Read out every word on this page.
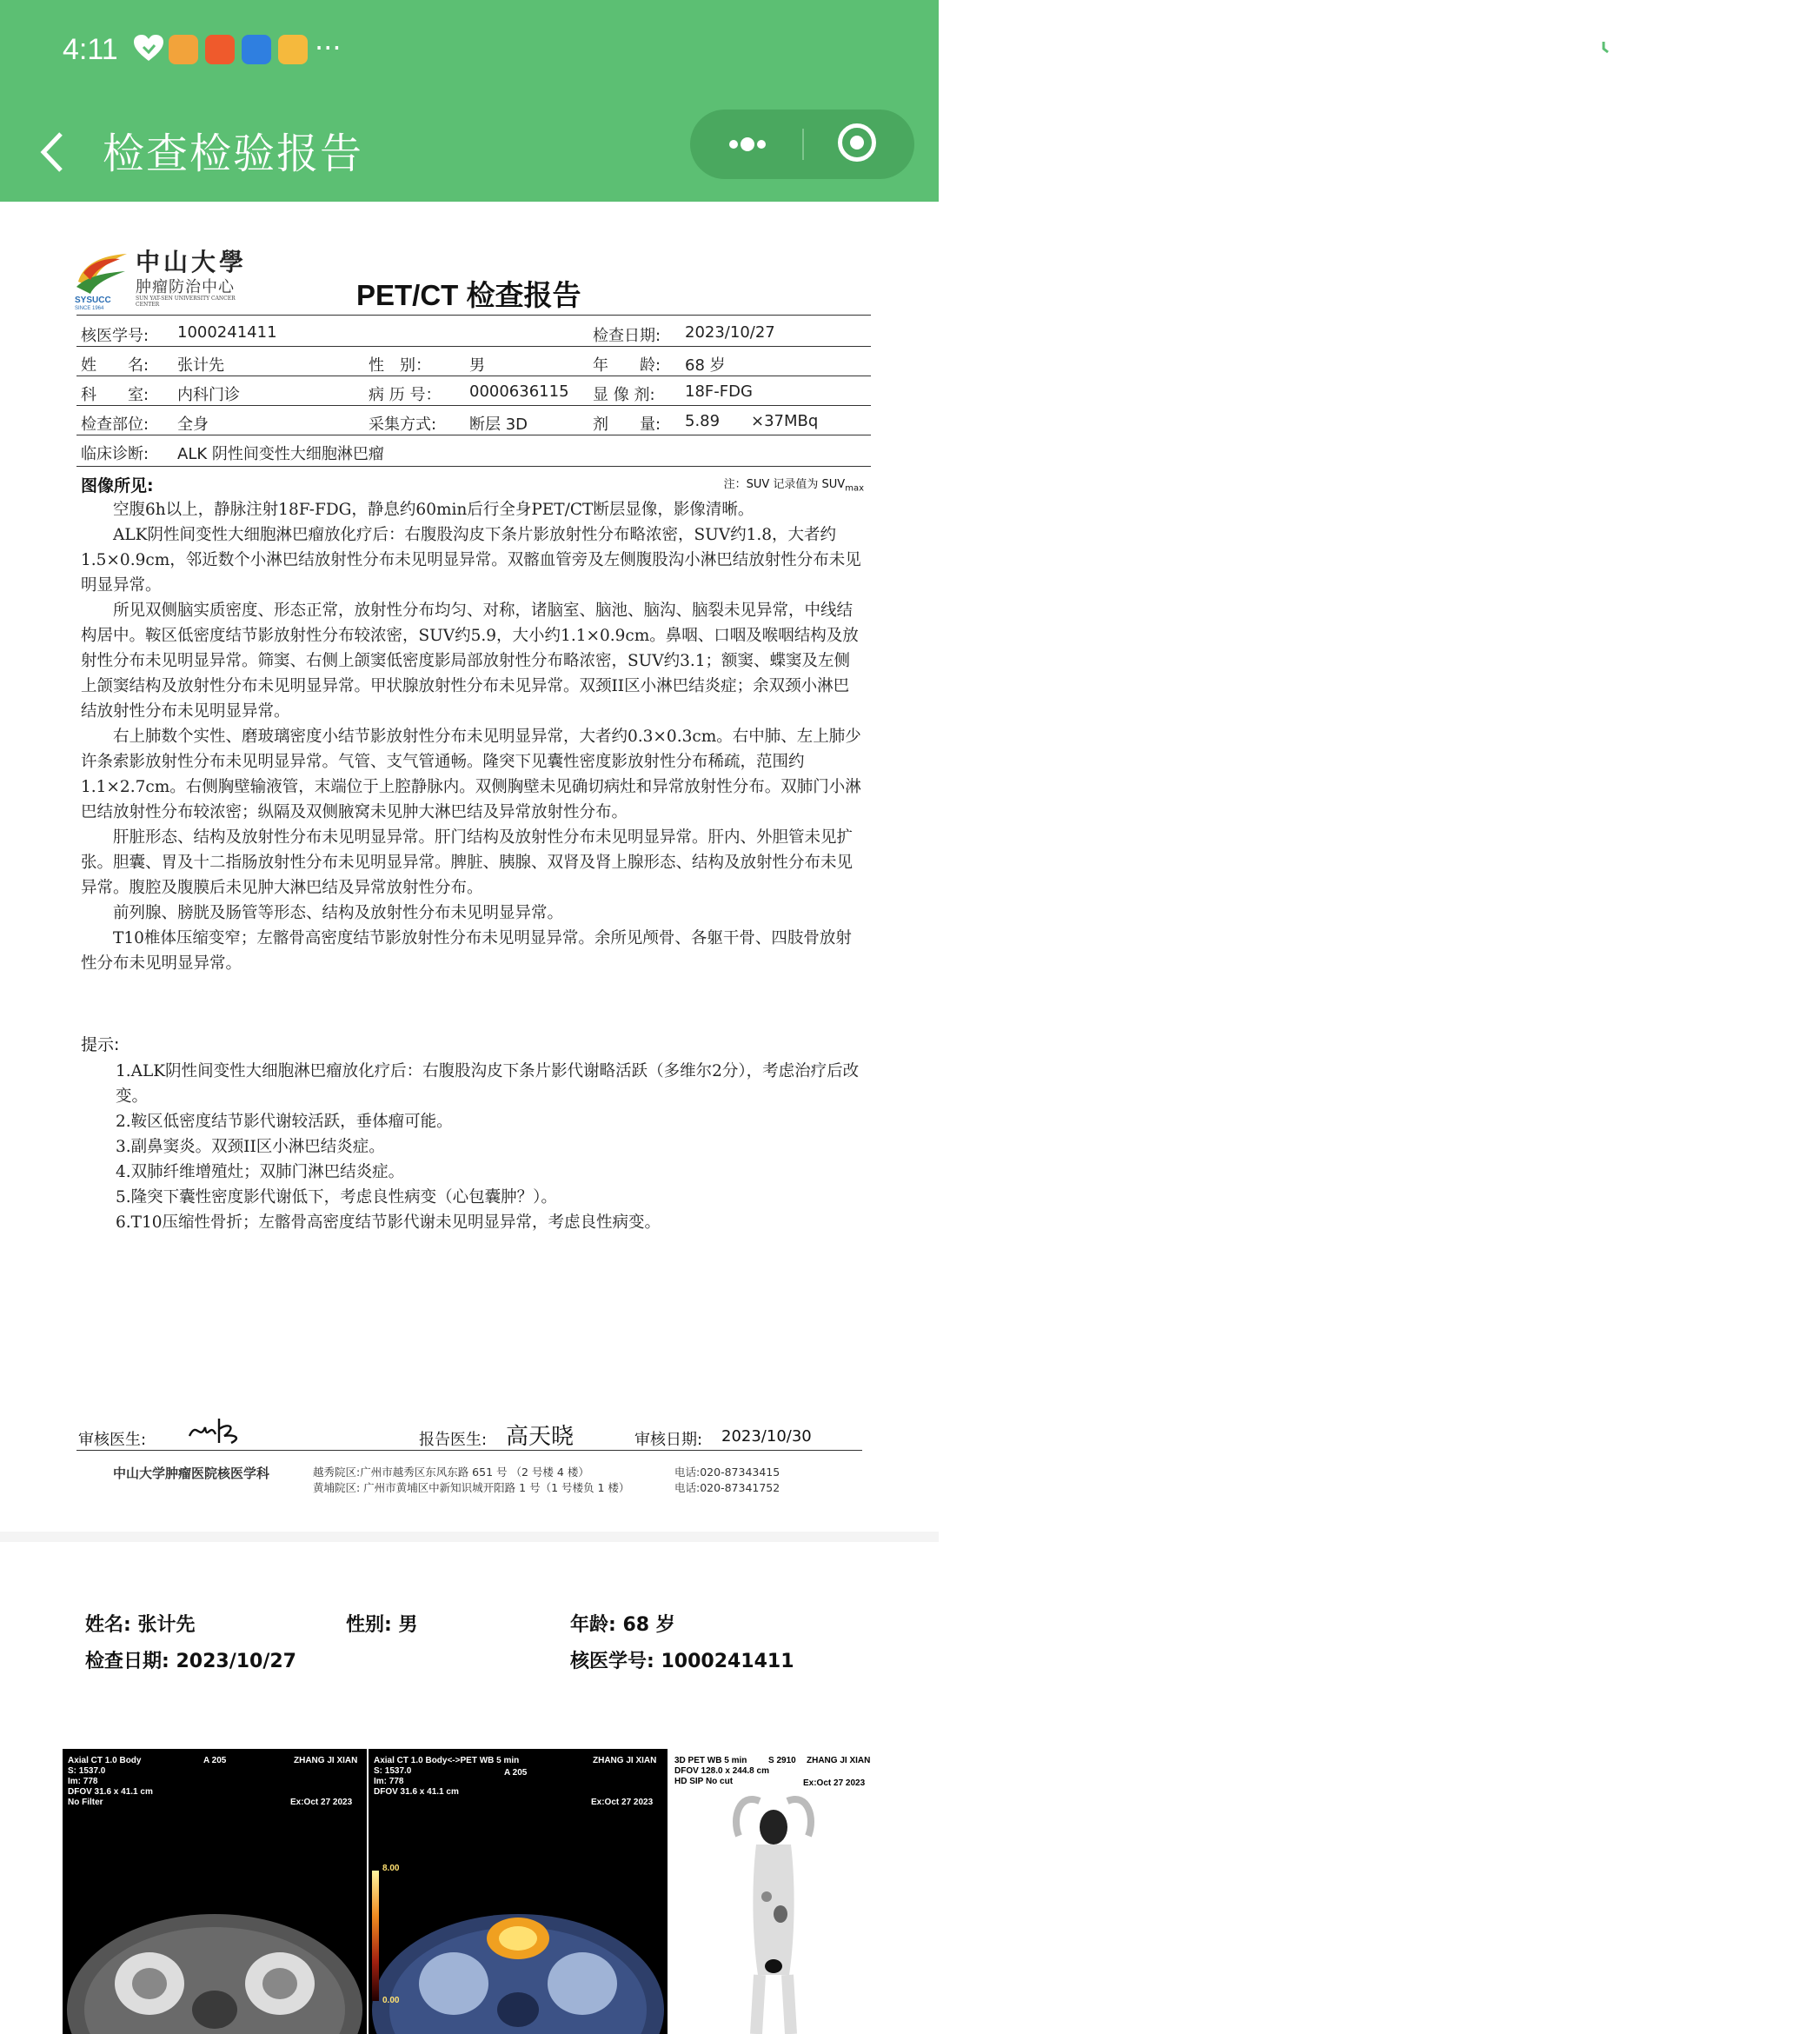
4:11	···	4G	5G
检查检验报告
中山大學
肿瘤防治中心
SUN YAT-SEN UNIVERSITY CANCER CENTER
SYSUCC
SINCE 1964	PET/CT 检查报告
核医学号: 1000241411	检查日期: 2023/10/27
姓　　名: 张计先	性　别： 男	年　　龄: 68 岁
科　　室: 内科门诊	病 历 号： 0000636115 显 像 剂: 18F-FDG
检查部位: 全身	采集方式: 断层 3D	剂　　量: 5.89 ×37MBq
临床诊断: ALK 阴性间变性大细胞淋巴瘤
图像所见:	注：SUV 记录值为 $SUV_{max}$

空腹6h以上，静脉注射18F-FDG，静息约60min后行全身PET/CT断层显像，影像清晰。

ALK阴性间变性大细胞淋巴瘤放化疗后：右腹股沟皮下条片影放射性分布略浓密，SUV约1.8，大者约1.5×0.9cm，邻近数个小淋巴结放射性分布未见明显异常。双髂血管旁及左侧腹股沟小淋巴结放射性分布未见明显异常。

所见双侧脑实质密度、形态正常，放射性分布均匀、对称，诸脑室、脑池、脑沟、脑裂未见异常，中线结构居中。鞍区低密度结节影放射性分布较浓密，SUV约5.9，大小约1.1×0.9cm。鼻咽、口咽及喉咽结构及放射性分布未见明显异常。筛窦、右侧上颌窦低密度影局部放射性分布略浓密，SUV约3.1；额窦、蝶窦及左侧上颌窦结构及放射性分布未见明显异常。甲状腺放射性分布未见异常。双颈II区小淋巴结炎症；余双颈小淋巴结放射性分布未见明显异常。

右上肺数个实性、磨玻璃密度小结节影放射性分布未见明显异常，大者约0.3×0.3cm。右中肺、左上肺少许条索影放射性分布未见明显异常。气管、支气管通畅。隆突下见囊性密度影放射性分布稀疏，范围约1.1×2.7cm。右侧胸壁输液管，末端位于上腔静脉内。双侧胸壁未见确切病灶和异常放射性分布。双肺门小淋巴结放射性分布较浓密；纵隔及双侧腋窝未见肿大淋巴结及异常放射性分布。

肝脏形态、结构及放射性分布未见明显异常。肝门结构及放射性分布未见明显异常。肝内、外胆管未见扩张。胆囊、胃及十二指肠放射性分布未见明显异常。脾脏、胰腺、双肾及肾上腺形态、结构及放射性分布未见异常。腹腔及腹膜后未见肿大淋巴结及异常放射性分布。

前列腺、膀胱及肠管等形态、结构及放射性分布未见明显异常。

T10椎体压缩变窄；左髂骨高密度结节影放射性分布未见明显异常。余所见颅骨、各躯干骨、四肢骨放射性分布未见明显异常。

提示:
1.ALK阴性间变性大细胞淋巴瘤放化疗后：右腹股沟皮下条片影代谢略活跃（多维尔2分），考虑治疗后改变。
2.鞍区低密度结节影代谢较活跃，垂体瘤可能。
3.副鼻窦炎。双颈II区小淋巴结炎症。
4.双肺纤维增殖灶；双肺门淋巴结炎症。
5.隆突下囊性密度影代谢低下，考虑良性病变（心包囊肿？）。
6.T10压缩性骨折；左髂骨高密度结节影代谢未见明显异常，考虑良性病变。
审核医生:	报告医生: 高天晓	审核日期: 2023/10/30
中山大学肿瘤医院核医学科	越秀院区:广州市越秀区东风东路 651 号 （2 号楼 4 楼）
黄埔院区: 广州市黄埔区中新知识城开阳路 1 号（1 号楼负 1 楼）
电话:020-87343415
电话:020-87341752
姓名: 张计先	性别: 男	年龄: 68 岁
检查日期: 2023/10/27	核医学号: 1000241411
Axial CT 1.0 Body
S: 1537.0
Im: 778
DFOV 31.6 x 41.1 cm
No Filter
A 205	ZHANG JI XIAN
Ex:Oct 27 2023
Axial CT 1.0 Body<->PET WB 5 min
S: 1537.0
Im: 778
DFOV 31.6 x 41.1 cm
A 205
ZHANG JI XIAN
Ex:Oct 27 2023
8.00
0.00
3D PET WB 5 min
DFOV 128.0 x 244.8 cm
HD SIP No cut
S 2910 ZHANG JI XIAN
Ex:Oct 27 2023
